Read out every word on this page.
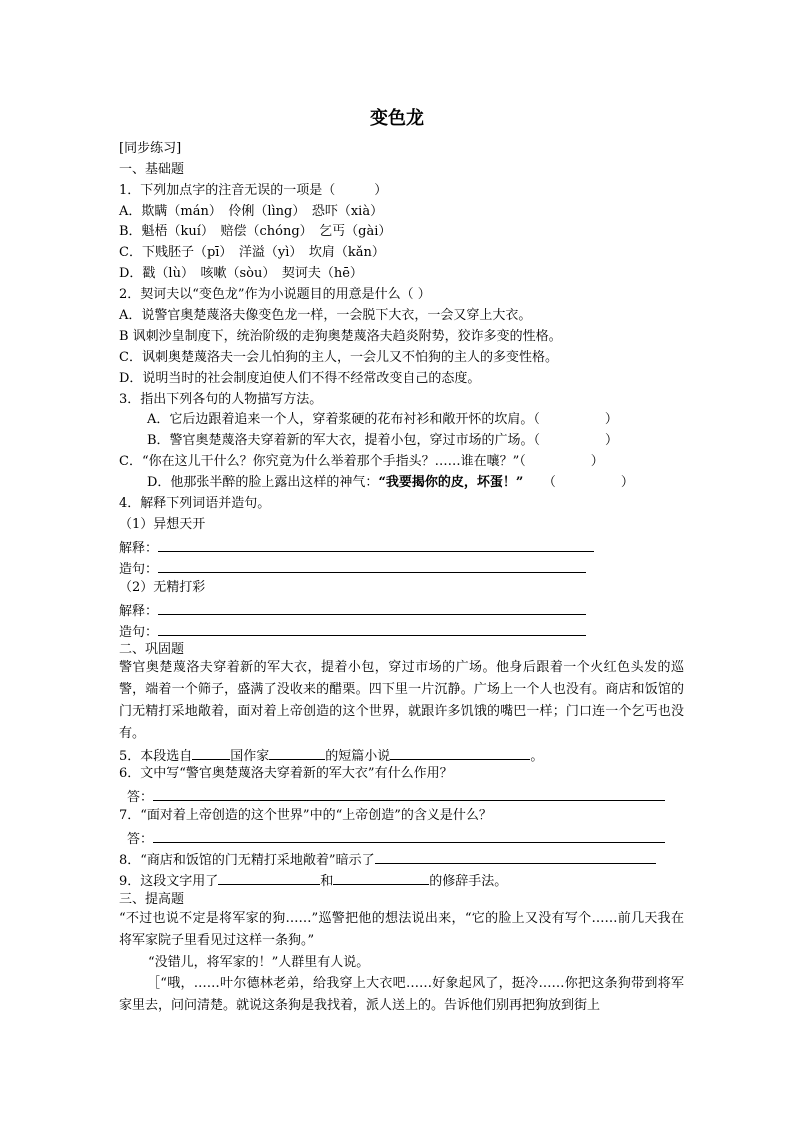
变色龙
[同步练习]
一、基础题
1．下列加点字的注音无误的一项是（　　　）
A．欺瞒（mán）　伶俐（lìng）　恐吓（xià）
B．魁梧（kuí）　赔偿（chóng）　乞丐（gài）
C．下贱胚子（pī）　洋溢（yì）　坎肩（kǎn）
D．戳（lù）　咳嗽（sòu）　契诃夫（hē）
2．契诃夫以“变色龙”作为小说题目的用意是什么（ ）
A．说警官奥楚蔑洛夫像变色龙一样，一会脱下大衣，一会又穿上大衣。
B 讽刺沙皇制度下，统治阶级的走狗奥楚蔑洛夫趋炎附势，狡诈多变的性格。
C．讽刺奥楚蔑洛夫一会儿怕狗的主人，一会儿又不怕狗的主人的多变性格。
D．说明当时的社会制度迫使人们不得不经常改变自己的态度。
3．指出下列各句的人物描写方法。
A．它后边跟着追来一个人，穿着浆硬的花布衬衫和敞开怀的坎肩。（　　　　　）
B．警官奥楚蔑洛夫穿着新的军大衣，提着小包，穿过市场的广场。（　　　　　）
C．“你在这儿干什么？你究竟为什么举着那个手指头？……谁在嚷？”（　　　　　）
D．他那张半醉的脸上露出这样的神气：“我要揭你的皮，坏蛋！”　　（　　　　　）
4．解释下列词语并造句。
（1）异想天开
解释：
造句：
（2）无精打彩
解释：
造句：
二、巩固题
警官奥楚蔑洛夫穿着新的军大衣，提着小包，穿过市场的广场。他身后跟着一个火红色头发的巡警，端着一个筛子，盛满了没收来的醋栗。四下里一片沉静。广场上一个人也没有。商店和饭馆的门无精打采地敞着，面对着上帝创造的这个世界，就跟许多饥饿的嘴巴一样；门口连一个乞丐也没有。
5．本段选自	国作家	的短篇小说	。
6．文中写“警官奥楚蔑洛夫穿着新的军大衣”有什么作用？
答：
7．“面对着上帝创造的这个世界”中的“上帝创造”的含义是什么？
答：
8．“商店和饭馆的门无精打采地敞着”暗示了
9．这段文字用了	和	的修辞手法。
三、提高题
“不过也说不定是将军家的狗……”巡警把他的想法说出来，“它的脸上又没有写个……前几天我在将军家院子里看见过这样一条狗。”
“没错儿，将军家的！”人群里有人说。
［“哦，……叶尔德林老弟，给我穿上大衣吧……好象起风了，挺冷……你把这条狗带到将军家里去，问问清楚。就说这条狗是我找着，派人送上的。告诉他们别再把狗放到街上
